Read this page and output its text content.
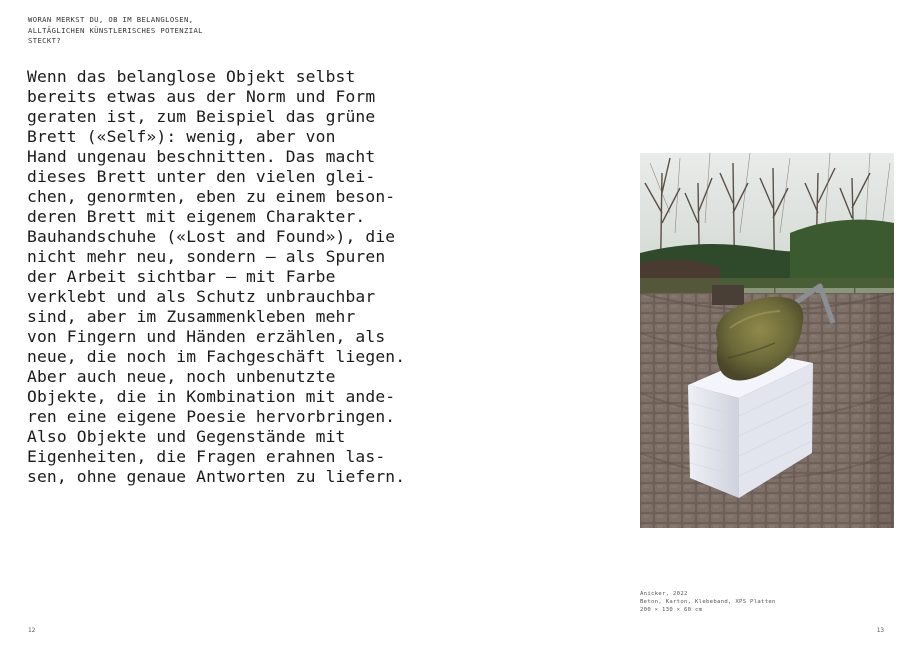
WORAN MERKST DU, OB IM BELANGLOSEN,
ALLTÄGLICHEN KÜNSTLERISCHES POTENZIAL
STECKT?
Wenn das belanglose Objekt selbst
bereits etwas aus der Norm und Form
geraten ist, zum Beispiel das grüne
Brett («Self»): wenig, aber von
Hand ungenau beschnitten. Das macht
dieses Brett unter den vielen glei-
chen, genormten, eben zu einem beson-
deren Brett mit eigenem Charakter.
Bauhandschuhe («Lost and Found»), die
nicht mehr neu, sondern – als Spuren
der Arbeit sichtbar – mit Farbe
verklebt und als Schutz unbrauchbar
sind, aber im Zusammenkleben mehr
von Fingern und Händen erzählen, als
neue, die noch im Fachgeschäft liegen.
Aber auch neue, noch unbenutzte
Objekte, die in Kombination mit ande-
ren eine eigene Poesie hervorbringen.
Also Objekte und Gegenstände mit
Eigenheiten, die Fragen erahnen las-
sen, ohne genaue Antworten zu liefern.
Anicker, 2022
Beton, Karton, Klebeband, XPS Platten
200 × 130 × 60 cm
12	13
